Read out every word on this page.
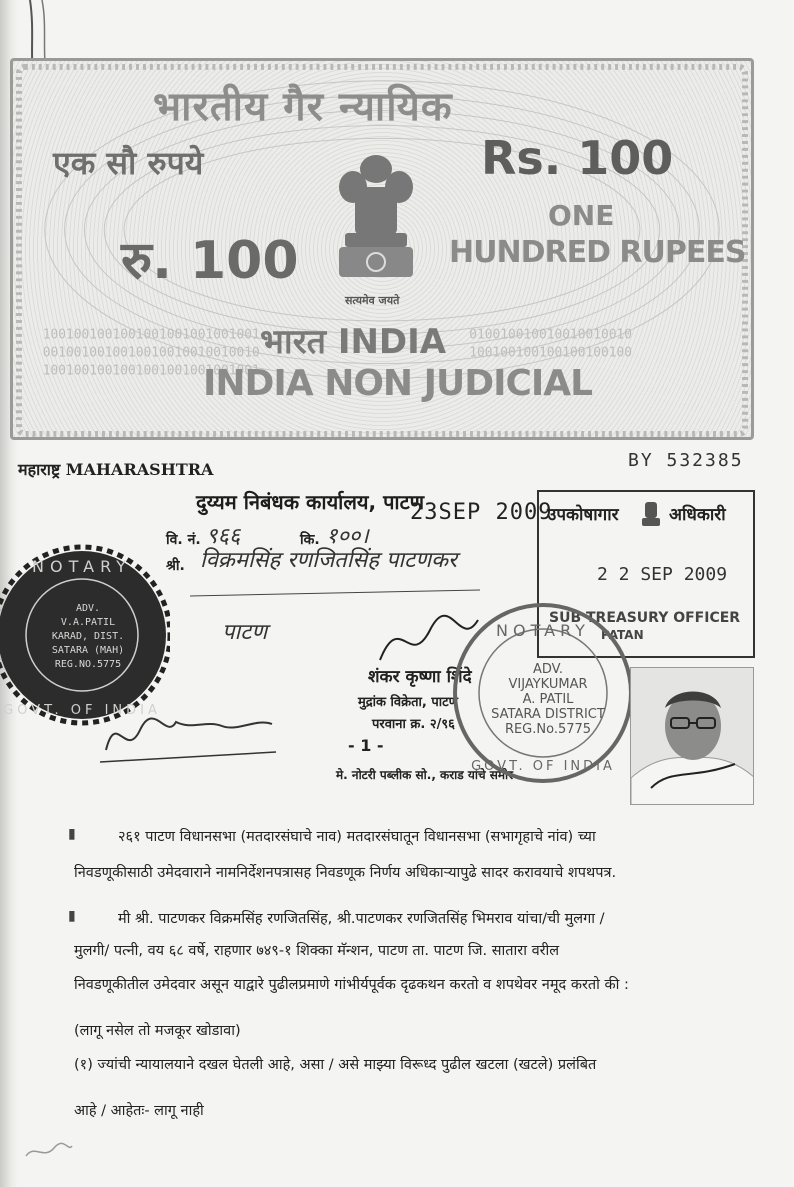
1001001001001001001001001001
0010010010010010010010010010
1001001001001001001001001001
010010010010010010010
100100100100100100100
भारतीय गैर न्यायिक
एक सौ रुपये	Rs. 100
रु. 100
ONE
HUNDRED RUPEES
सत्यमेव जयते
भारत INDIA
INDIA NON JUDICIAL
महाराष्ट्र MAHARASHTRA	BY 532385
दुय्यम निबंधक कार्यालय, पाटण
23SEP 2009
वि. नं. ९६६	कि. १००।
श्री. विक्रमसिंह रणजितसिंह पाटणकर
पाटण
उपकोषागार	अधिकारी
2 2 SEP 2009
SUB TREASURY OFFICER
PATAN
NOTARY
GOVT. OF INDIA
ADV.
V.A.PATIL
KARAD, DIST.
SATARA (MAH)
REG.NO.5775
शंकर कृष्णा शिंदे
मुद्रांक विक्रेता, पाटण
परवाना क्र. २/९६
- 1 -
मे. नोटरी पब्लीक सो., कराड यांचे समोर
NOTARY
GOVT. OF INDIA
ADV.
VIJAYKUMAR
A. PATIL
SATARA DISTRICT
REG.No.5775
▮	२६१ पाटण विधानसभा (मतदारसंघाचे नाव) मतदारसंघातून विधानसभा (सभागृहाचे नांव) च्या
निवडणूकीसाठी उमेदवाराने नामनिर्देशनपत्रासह निवडणूक निर्णय अधिकाऱ्यापुढे सादर करावयाचे शपथपत्र.
▮	मी श्री. पाटणकर विक्रमसिंह रणजितसिंह, श्री.पाटणकर रणजितसिंह भिमराव यांचा/ची मुलगा /
मुलगी/ पत्नी, वय ६८ वर्षे, राहणार ७४९-१ शिक्का मॅन्शन, पाटण ता. पाटण जि. सातारा वरील
निवडणूकीतील उमेदवार असून याद्वारे पुढीलप्रमाणे गांभीर्यपूर्वक दृढकथन करतो व शपथेवर नमूद करतो की :
(लागू नसेल तो मजकूर खोडावा)
(१) ज्यांची न्यायालयाने दखल घेतली आहे, असा / असे माझ्या विरूध्द पुढील खटला (खटले) प्रलंबित
आहे / आहेतः- लागू नाही
